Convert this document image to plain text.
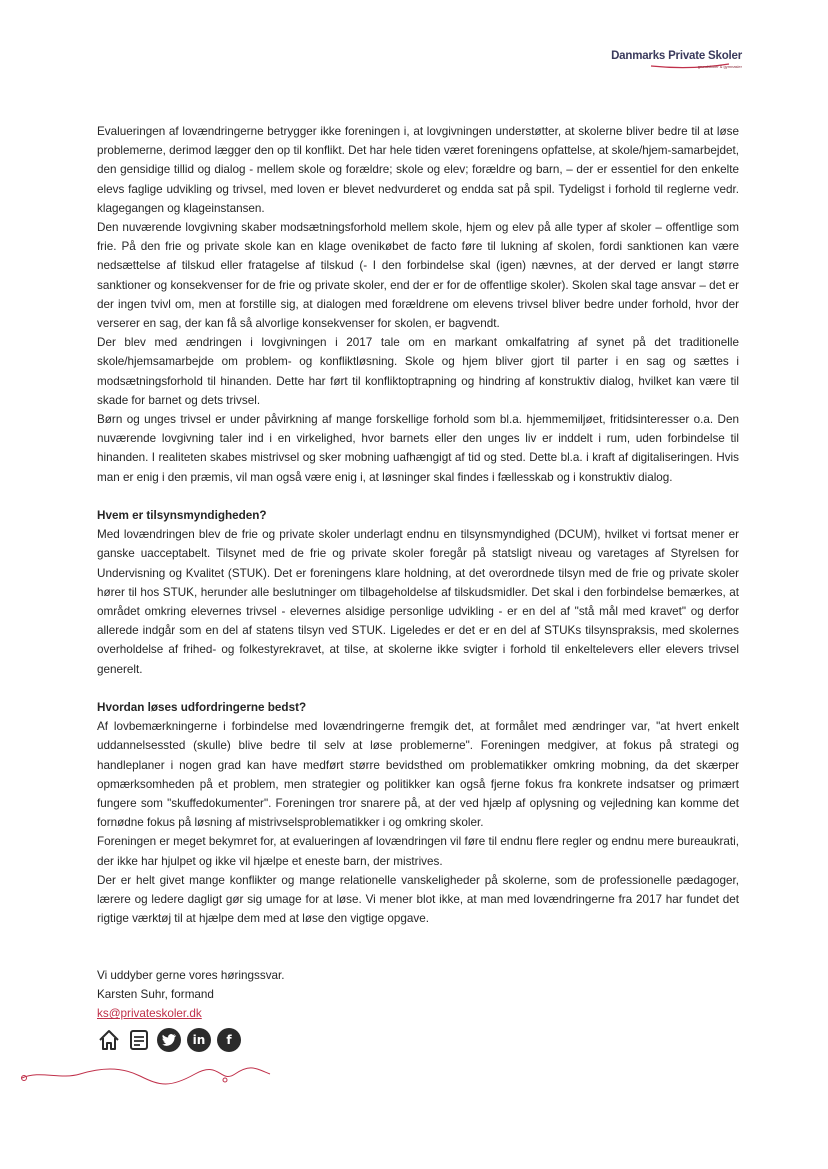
Danmarks Private Skoler
grundskoler & gymnasier

Evalueringen af lovændringerne betrygger ikke foreningen i, at lovgivningen understøtter, at skolerne bliver bedre til at løse problemerne, derimod lægger den op til konflikt. Det har hele tiden været foreningens opfattelse, at skole/hjem-samarbejdet, den gensidige tillid og dialog - mellem skole og forældre; skole og elev; forældre og barn, – der er essentiel for den enkelte elevs faglige udvikling og trivsel, med loven er blevet nedvurderet og endda sat på spil. Tydeligst i forhold til reglerne vedr. klagegangen og klageinstansen.

Den nuværende lovgivning skaber modsætningsforhold mellem skole, hjem og elev på alle typer af skoler – offentlige som frie. På den frie og private skole kan en klage ovenikøbet de facto føre til lukning af skolen, fordi sanktionen kan være nedsættelse af tilskud eller fratagelse af tilskud (- I den forbindelse skal (igen) nævnes, at der derved er langt større sanktioner og konsekvenser for de frie og private skoler, end der er for de offentlige skoler). Skolen skal tage ansvar – det er der ingen tvivl om, men at forstille sig, at dialogen med forældrene om elevens trivsel bliver bedre under forhold, hvor der verserer en sag, der kan få så alvorlige konsekvenser for skolen, er bagvendt.

Der blev med ændringen i lovgivningen i 2017 tale om en markant omkalfatring af synet på det traditionelle skole/hjemsamarbejde om problem- og konfliktløsning. Skole og hjem bliver gjort til parter i en sag og sættes i modsætningsforhold til hinanden. Dette har ført til konfliktoptrapning og hindring af konstruktiv dialog, hvilket kan være til skade for barnet og dets trivsel.

Børn og unges trivsel er under påvirkning af mange forskellige forhold som bl.a. hjemmemiljøet, fritidsinteresser o.a. Den nuværende lovgivning taler ind i en virkelighed, hvor barnets eller den unges liv er inddelt i rum, uden forbindelse til hinanden. I realiteten skabes mistrivsel og sker mobning uafhængigt af tid og sted. Dette bl.a. i kraft af digitaliseringen. Hvis man er enig i den præmis, vil man også være enig i, at løsninger skal findes i fællesskab og i konstruktiv dialog.

Hvem er tilsynsmyndigheden?

Med lovændringen blev de frie og private skoler underlagt endnu en tilsynsmyndighed (DCUM), hvilket vi fortsat mener er ganske uacceptabelt. Tilsynet med de frie og private skoler foregår på statsligt niveau og varetages af Styrelsen for Undervisning og Kvalitet (STUK). Det er foreningens klare holdning, at det overordnede tilsyn med de frie og private skoler hører til hos STUK, herunder alle beslutninger om tilbageholdelse af tilskudsmidler. Det skal i den forbindelse bemærkes, at området omkring elevernes trivsel - elevernes alsidige personlige udvikling - er en del af "stå mål med kravet" og derfor allerede indgår som en del af statens tilsyn ved STUK. Ligeledes er det er en del af STUKs tilsynspraksis, med skolernes overholdelse af frihed- og folkestyrekravet, at tilse, at skolerne ikke svigter i forhold til enkeltelevers eller elevers trivsel generelt.

Hvordan løses udfordringerne bedst?

Af lovbemærkningerne i forbindelse med lovændringerne fremgik det, at formålet med ændringer var, "at hvert enkelt uddannelsessted (skulle) blive bedre til selv at løse problemerne". Foreningen medgiver, at fokus på strategi og handleplaner i nogen grad kan have medført større bevidsthed om problematikker omkring mobning, da det skærper opmærksomheden på et problem, men strategier og politikker kan også fjerne fokus fra konkrete indsatser og primært fungere som "skuffedokumenter". Foreningen tror snarere på, at der ved hjælp af oplysning og vejledning kan komme det fornødne fokus på løsning af mistrivselsproblematikker i og omkring skoler.

Foreningen er meget bekymret for, at evalueringen af lovændringen vil føre til endnu flere regler og endnu mere bureaukrati, der ikke har hjulpet og ikke vil hjælpe et eneste barn, der mistrives.

Der er helt givet mange konflikter og mange relationelle vanskeligheder på skolerne, som de professionelle pædagoger, lærere og ledere dagligt gør sig umage for at løse. Vi mener blot ikke, at man med lovændringerne fra 2017 har fundet det rigtige værktøj til at hjælpe dem med at løse den vigtige opgave.

Vi uddyber gerne vores høringssvar.
Karsten Suhr, formand
ks@privateskoler.dk
in	f
